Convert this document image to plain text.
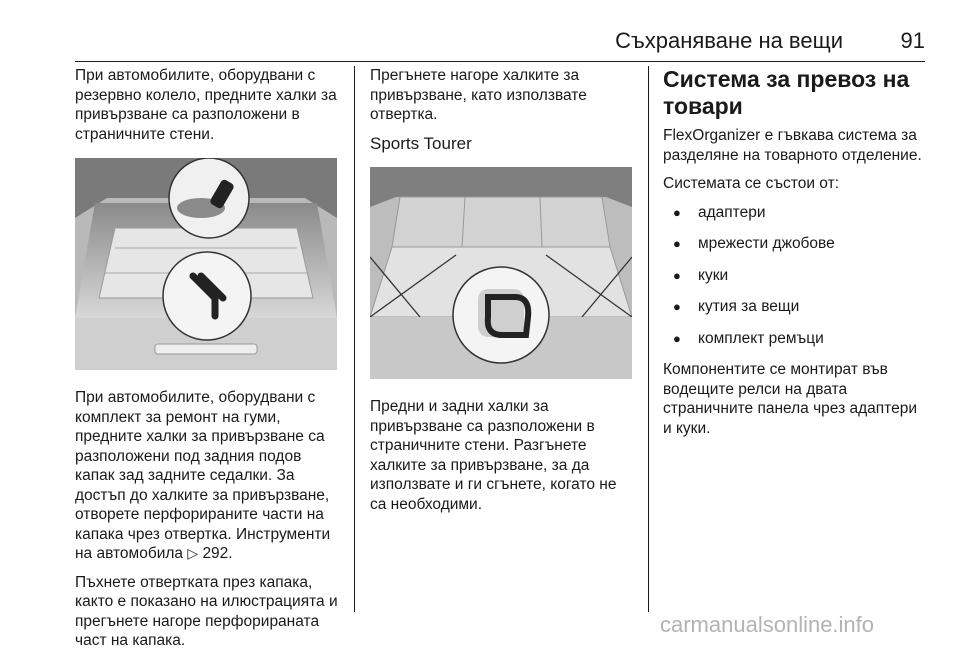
Съхраняване на вещи	91

При автомобилите, оборудвани с резервно колело, предните халки за привързване са разположени в страничните стени.

При автомобилите, оборудвани с комплект за ремонт на гуми, предните халки за привързване са разположени под задния подов капак зад задните седалки. За достъп до халките за привързване, отворете перфорираните части на капака чрез отвертка. Инструменти на автомобила ▷ 292.

Пъхнете отвертката през капака, както е показано на илюстрацията и прегънете нагоре перфорираната част на капака.

Прегънете нагоре халките за привързване, като използвате отвертка.

Sports Tourer

Предни и задни халки за привързване са разположени в страничните стени. Разгънете халките за привързване, за да използвате и ги сгънете, когато не са необходими.

Система за превоз на товари

FlexOrganizer е гъвкава система за разделяне на товарното отделение.

Системата се състои от:

● адаптери
● мрежести джобове
● куки
● кутия за вещи
● комплект ремъци

Компонентите се монтират във водещите релси на двата страничните панела чрез адаптери и куки.

carmanualsonline.info
